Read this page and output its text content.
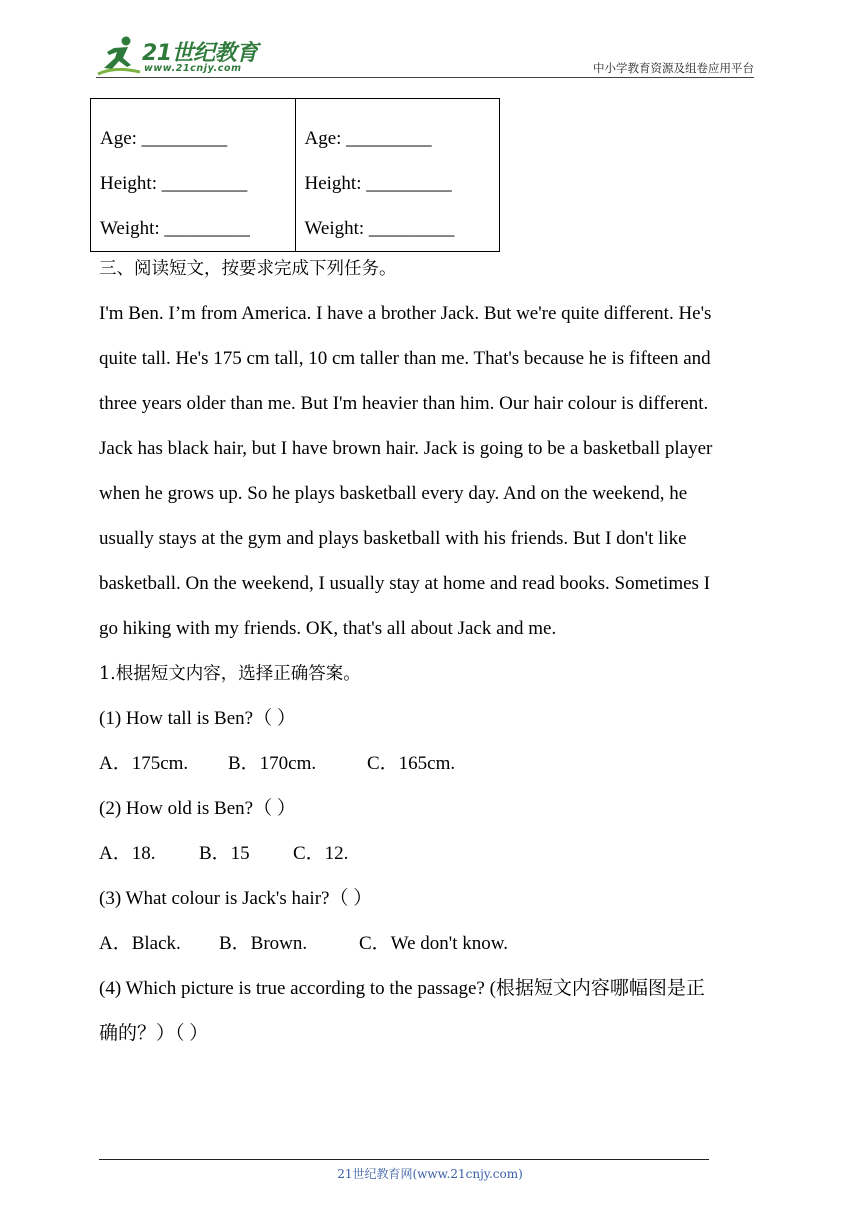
21世纪教育
www.21cnjy.com	中小学教育资源及组卷应用平台
Age: _________
Height: _________
Weight: _________

Age: _________
Height: _________
Weight: _________
三、阅读短文，按要求完成下列任务。
I'm Ben. I’m from America. I have a brother Jack. But we're quite different. He's
quite tall. He's 175 cm tall, 10 cm taller than me. That's because he is fifteen and
three years older than me. But I'm heavier than him. Our hair colour is different.
Jack has black hair, but I have brown hair. Jack is going to be a basketball player
when he grows up. So he plays basketball every day. And on the weekend, he
usually stays at the gym and plays basketball with his friends. But I don't like
basketball. On the weekend, I usually stay at home and read books. Sometimes I
go hiking with my friends. OK, that's all about Jack and me.
1.根据短文内容，选择正确答案。
(1) How tall is Ben?（ ）
A．175cm. B．170cm.	C．165cm.
(2) How old is Ben?（ ）
A．18. B．15 C．12.
(3) What colour is Jack's hair?（ ）
A．Black. B．Brown.	C．We don't know.
(4) Which picture is true according to the passage? (根据短文内容哪幅图是正
确的？）（ ）
21世纪教育网(www.21cnjy.com)
